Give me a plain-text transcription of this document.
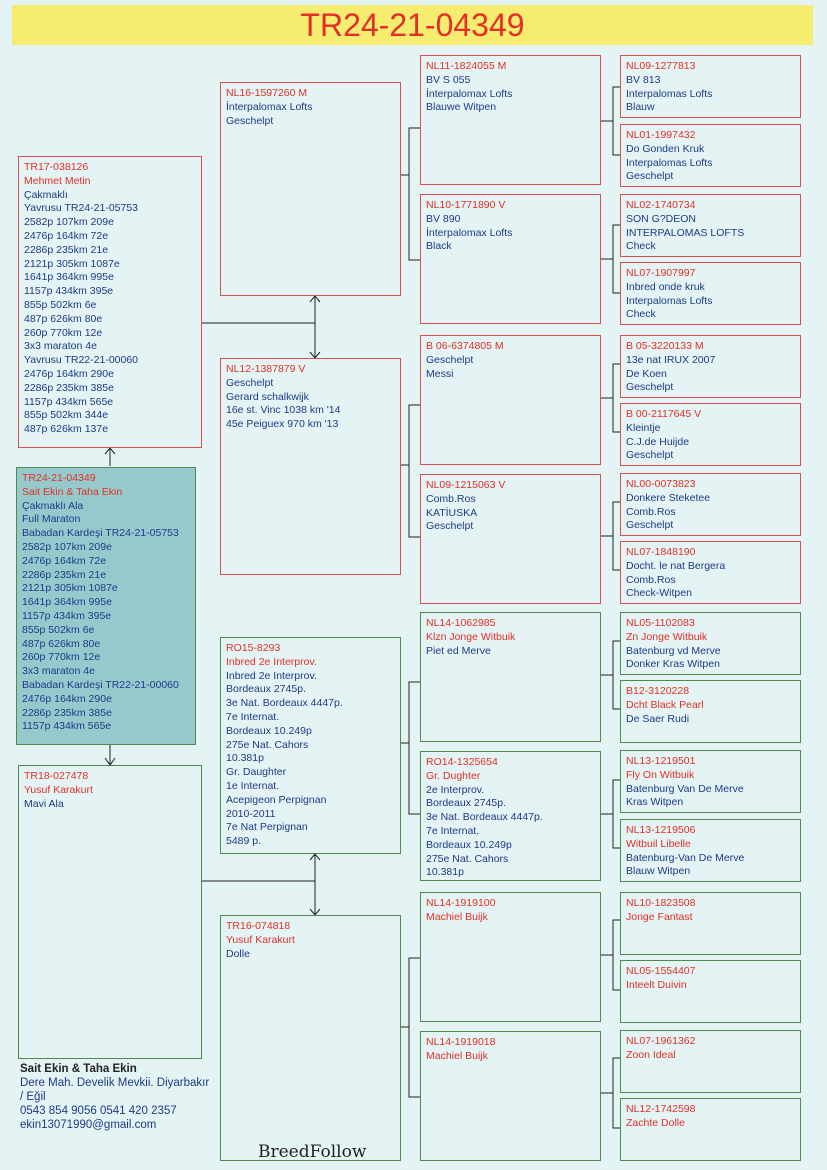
TR24-21-04349
TR24-21-04349
Sait Ekin & Taha Ekin
Çakmaklı Ala
Full Maraton
Babadan Kardeşi TR24-21-05753
2582p 107km 209e
2476p 164km 72e
2286p 235km 21e
2121p 305km 1087e
1641p 364km 995e
1157p 434km 395e
855p 502km 6e
487p 626km 80e
260p 770km 12e
3x3 maraton 4e
Babadan Kardeşi TR22-21-00060
2476p 164km 290e
2286p 235km 385e
1157p 434km 565e
TR17-038126
Mehmet Metin
Çakmaklı
Yavrusu TR24-21-05753
2582p 107km 209e
2476p 164km 72e
2286p 235km 21e
2121p 305km 1087e
1641p 364km 995e
1157p 434km 395e
855p 502km 6e
487p 626km 80e
260p 770km 12e
3x3 maraton 4e
Yavrusu TR22-21-00060
2476p 164km 290e
2286p 235km 385e
1157p 434km 565e
855p 502km 344e
487p 626km 137e
TR18-027478
Yusuf Karakurt
Mavi Ala
NL16-1597260 M
İnterpalomax Lofts
Geschelpt
NL12-1387879 V
Geschelpt
Gerard schalkwijk
16e st. Vinc 1038 km '14
45e Peiguex 970 km '13
RO15-8293
Inbred 2e Interprov.
Inbred 2e Interprov.
Bordeaux 2745p.
3e Nat. Bordeaux 4447p.
7e Internat.
Bordeaux 10.249p
275e Nat. Cahors
10.381p
Gr. Daughter
1e Internat.
Acepigeon Perpignan
2010-2011
7e Nat Perpignan
5489 p.
TR16-074818
Yusuf Karakurt
Dolle
NL11-1824055 M
BV S 055
İnterpalomax Lofts
Blauwe Witpen
NL10-1771890 V
BV 890
İnterpalomax Lofts
Black
B 06-6374805 M
Geschelpt
Messi
NL09-1215063 V
Comb.Ros
KATİUSKA
Geschelpt
NL14-1062985
Klzn Jonge Witbuik
Piet ed Merve
RO14-1325654
Gr. Dughter
2e Interprov.
Bordeaux 2745p.
3e Nat. Bordeaux 4447p.
7e Internat.
Bordeaux 10.249p
275e Nat. Cahors
10.381p
NL14-1919100
Machiel Buijk
NL14-1919018
Machiel Buijk
NL09-1277813
BV 813
Interpalomas Lofts
Blauw
NL01-1997432
Do Gonden Kruk
Interpalomas Lofts
Geschelpt
NL02-1740734
SON G?DEON
INTERPALOMAS LOFTS
Check
NL07-1907997
Inbred onde kruk
Interpalomas Lofts
Check
B 05-3220133 M
13e nat IRUX 2007
De Koen
Geschelpt
B 00-2117645 V
Kleintje
C.J.de Huijde
Geschelpt
NL00-0073823
Donkere Steketee
Comb.Ros
Geschelpt
NL07-1848190
Docht. le nat Bergera
Comb.Ros
Check-Witpen
NL05-1102083
Zn Jonge Witbuik
Batenburg vd Merve
Donker Kras Witpen
B12-3120228
Dcht Black Pearl
De Saer Rudi
NL13-1219501
Fly On Witbuik
Batenburg Van De Merve
Kras Witpen
NL13-1219506
Witbuil Libelle
Batenburg-Van De Merve
Blauw Witpen
NL10-1823508
Jonge Fantast
NL05-1554407
Inteelt Duivin
NL07-1961362
Zoon Ideal
NL12-1742598
Zachte Dolle
Sait Ekin & Taha Ekin
Dere Mah. Develik Mevkii. Diyarbakır
/ Eğil
0543 854 9056 0541 420 2357
ekin13071990@gmail.com
BreedFollow
